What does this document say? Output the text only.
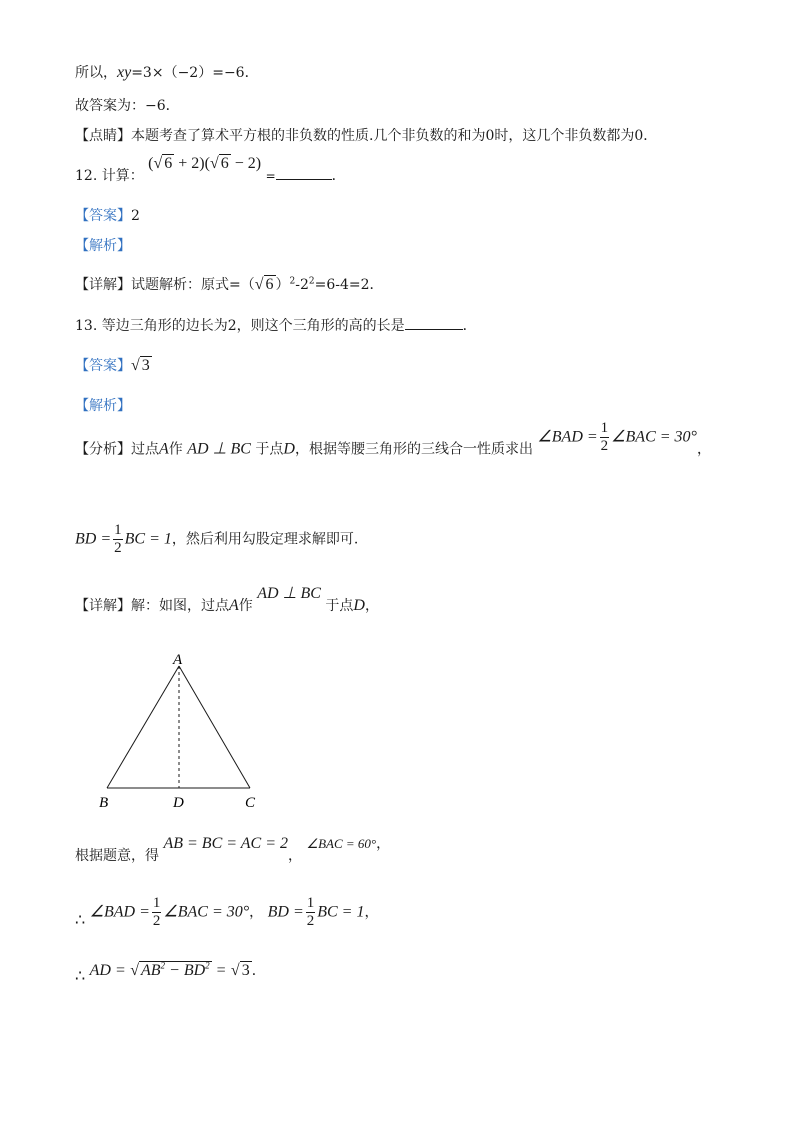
所以，xy=3×（−2）=−6．
故答案为：−6．
【点睛】本题考查了算术平方根的非负数的性质.几个非负数的和为0时，这几个非负数都为0．
12. 计算： (√ 6 + 2)(√ 6 − 2) =	．
【答案】2
【解析】
【详解】试题解析：原式=（√ 6 ）$^2-2^2=6-4=2$．
13. 等边三角形的边长为2，则这个三角形的高的长是	．
【答案】√ 3
【解析】
【分析】过点A作 AD ⊥ BC 于点D，根据等腰三角形的三线合一性质求出 ∠BAD = $\frac{1}{2}$ ∠BAC = 30°，
BD = $\frac{1}{2}$ BC = 1，然后利用勾股定理求解即可.
【详解】解：如图，过点A作 AD ⊥ BC 于点D，
A
B	D	C
根据题意，得 AB = BC = AC = 2， ∠BAC = 60°，
∴ ∠BAD = $\frac{1}{2}$ ∠BAC = 30°， BD = $\frac{1}{2}$ BC = 1，
∴ AD = √ $AB^2 - BD^2$ = √ 3 ．
